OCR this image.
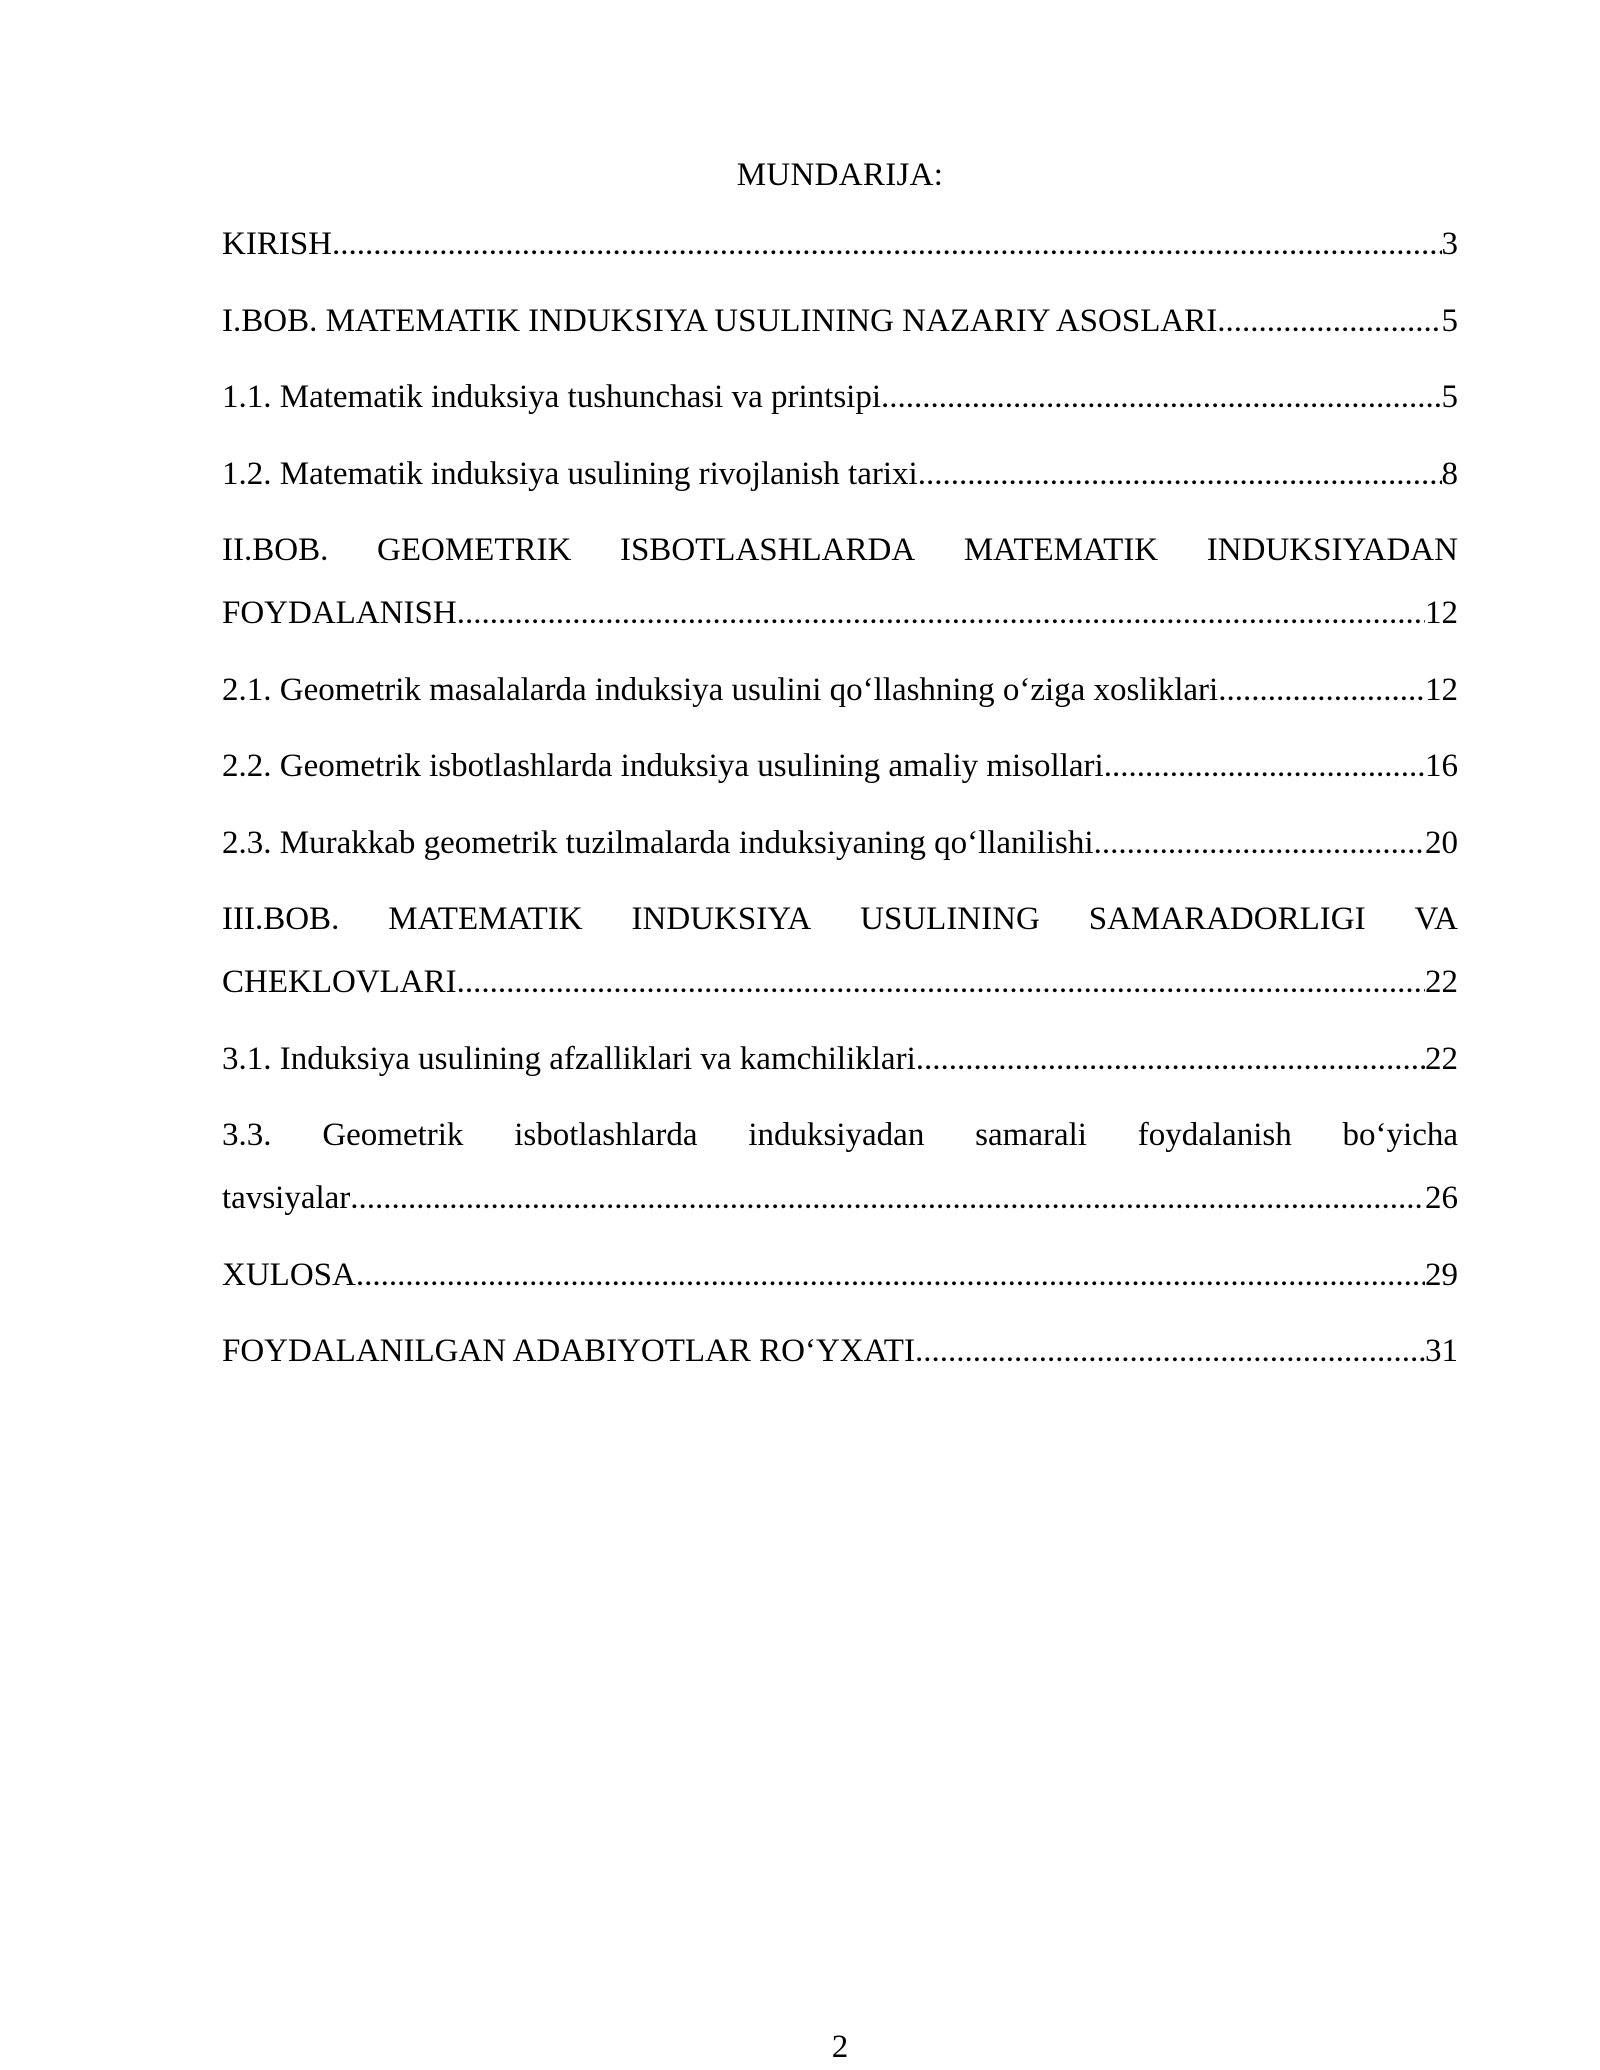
MUNDARIJA:
KIRISH .....	3
I.BOB. MATEMATIK INDUKSIYA USULINING NAZARIY ASOSLARI .....	5
1.1. Matematik induksiya tushunchasi va printsipi .....	5
1.2. Matematik induksiya usulining rivojlanish tarixi .....	8
II.BOB. GEOMETRIK ISBOTLASHLARDA MATEMATIK INDUKSIYADAN
FOYDALANISH .....	12
2.1. Geometrik masalalarda induksiya usulini qo‘llashning o‘ziga xosliklari .....	12
2.2. Geometrik isbotlashlarda induksiya usulining amaliy misollari .....	16
2.3. Murakkab geometrik tuzilmalarda induksiyaning qo‘llanilishi .....	20
III.BOB. MATEMATIK INDUKSIYA USULINING SAMARADORLIGI VA
CHEKLOVLARI .....	22
3.1. Induksiya usulining afzalliklari va kamchiliklari .....	22
3.3. Geometrik isbotlashlarda induksiyadan samarali foydalanish bo‘yicha
tavsiyalar .....	26
XULOSA .....	29
FOYDALANILGAN ADABIYOTLAR RO‘YXATI .....	31
2
